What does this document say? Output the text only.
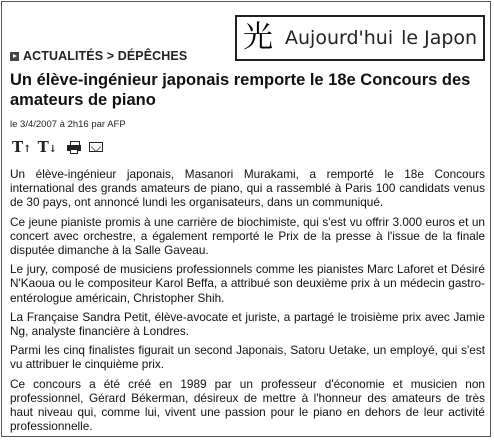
光 Aujourd'hui le Japon
ACTUALITÉS > DÉPÊCHES
Un élève-ingénieur japonais remporte le 18e Concours des amateurs de piano
le 3/4/2007 à 2h16 par AFP
T↑ T↓

Un élève-ingénieur japonais, Masanori Murakami, a remporté le 18e Concours international des grands amateurs de piano, qui a rassemblé à Paris 100 candidats venus de 30 pays, ont annoncé lundi les organisateurs, dans un communiqué.

Ce jeune pianiste promis à une carrière de biochimiste, qui s'est vu offrir 3.000 euros et un concert avec orchestre, a également remporté le Prix de la presse à l'issue de la finale disputée dimanche à la Salle Gaveau.

Le jury, composé de musiciens professionnels comme les pianistes Marc Laforet et Désiré N'Kaoua ou le compositeur Karol Beffa, a attribué son deuxième prix à un médecin gastro-entérologue américain, Christopher Shih.

La Française Sandra Petit, élève-avocate et juriste, a partagé le troisième prix avec Jamie Ng, analyste financière à Londres.

Parmi les cinq finalistes figurait un second Japonais, Satoru Uetake, un employé, qui s'est vu attribuer le cinquième prix.

Ce concours a été créé en 1989 par un professeur d'économie et musicien non professionnel, Gérard Békerman, désireux de mettre à l'honneur des amateurs de très haut niveau qui, comme lui, vivent une passion pour le piano en dehors de leur activité professionnelle.
